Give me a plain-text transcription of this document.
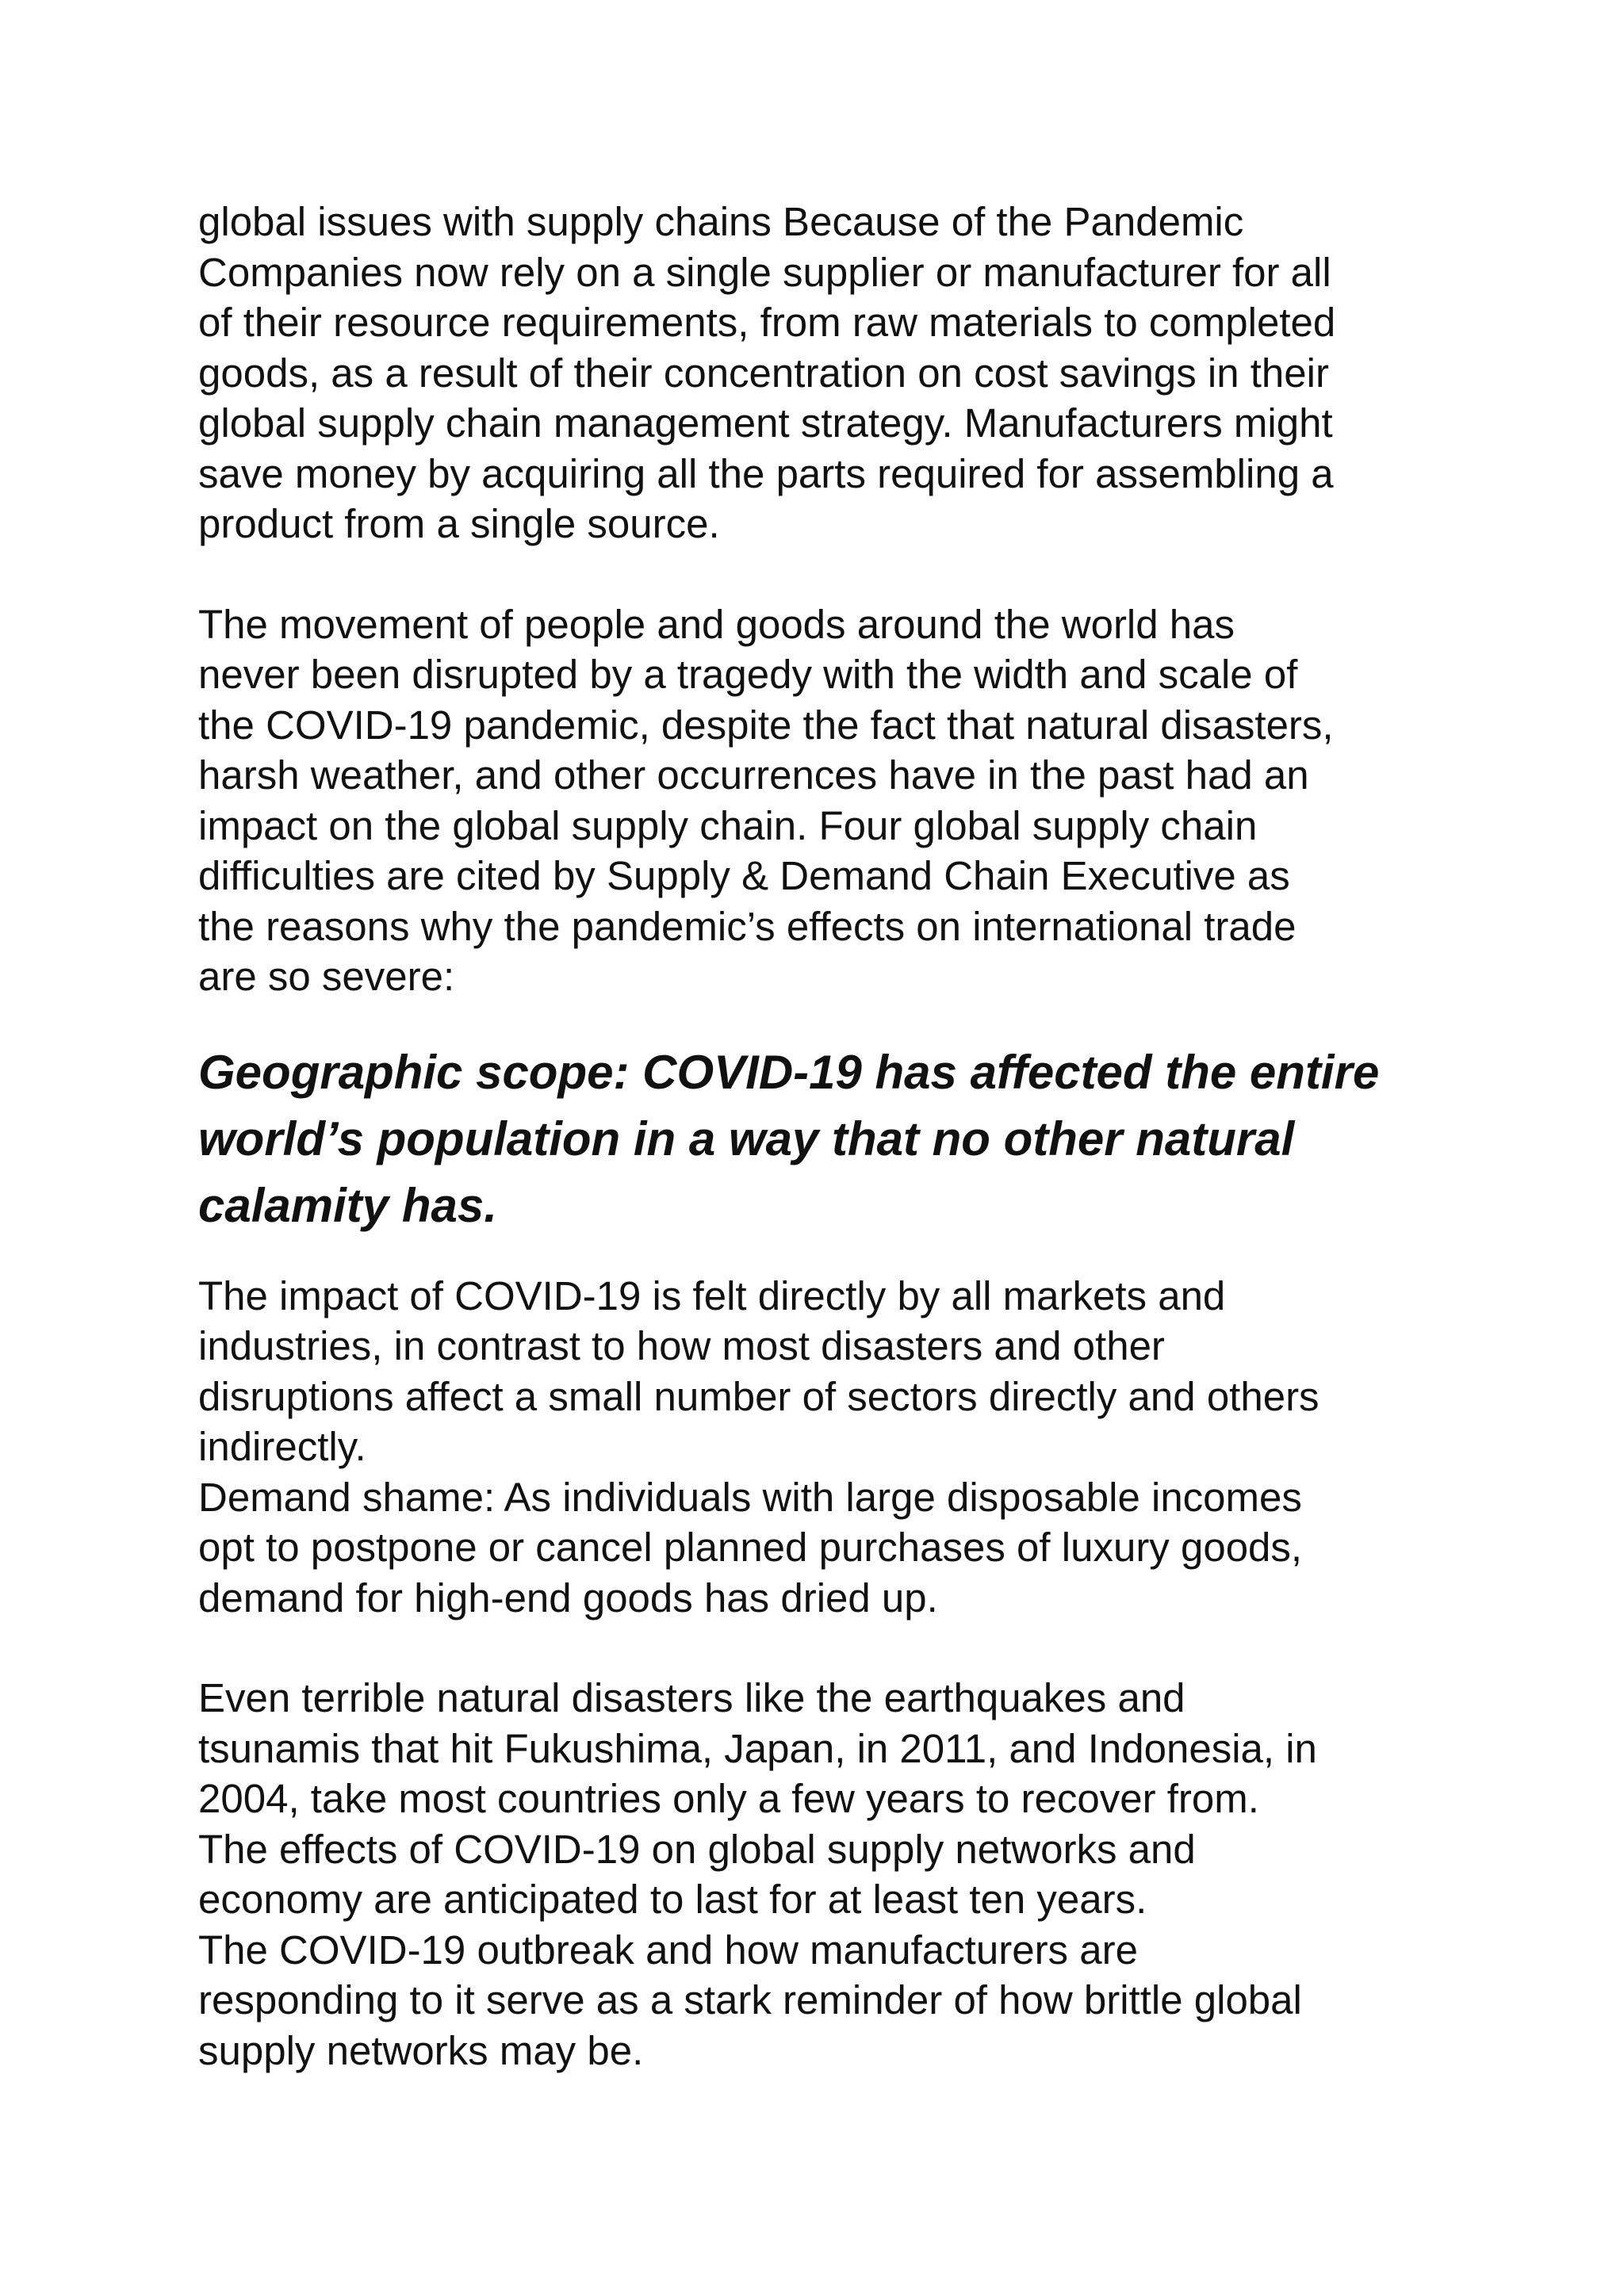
global issues with supply chains Because of the Pandemic
Companies now rely on a single supplier or manufacturer for all
of their resource requirements, from raw materials to completed
goods, as a result of their concentration on cost savings in their
global supply chain management strategy. Manufacturers might
save money by acquiring all the parts required for assembling a
product from a single source.

The movement of people and goods around the world has
never been disrupted by a tragedy with the width and scale of
the COVID-19 pandemic, despite the fact that natural disasters,
harsh weather, and other occurrences have in the past had an
impact on the global supply chain. Four global supply chain
difficulties are cited by Supply & Demand Chain Executive as
the reasons why the pandemic’s effects on international trade
are so severe:

Geographic scope: COVID-19 has affected the entire
world’s population in a way that no other natural
calamity has.

The impact of COVID-19 is felt directly by all markets and
industries, in contrast to how most disasters and other
disruptions affect a small number of sectors directly and others
indirectly.
Demand shame: As individuals with large disposable incomes
opt to postpone or cancel planned purchases of luxury goods,
demand for high-end goods has dried up.

Even terrible natural disasters like the earthquakes and
tsunamis that hit Fukushima, Japan, in 2011, and Indonesia, in
2004, take most countries only a few years to recover from.
The effects of COVID-19 on global supply networks and
economy are anticipated to last for at least ten years.
The COVID-19 outbreak and how manufacturers are
responding to it serve as a stark reminder of how brittle global
supply networks may be.
